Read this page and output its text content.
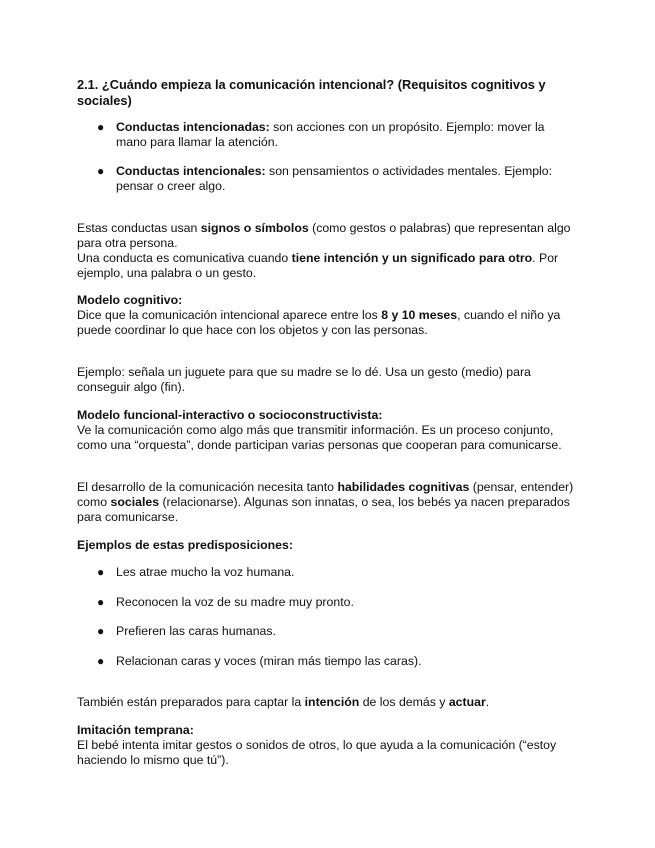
2.1. ¿Cuándo empieza la comunicación intencional? (Requisitos cognitivos y sociales)
● Conductas intencionadas: son acciones con un propósito. Ejemplo: mover la mano para llamar la atención.
● Conductas intencionales: son pensamientos o actividades mentales. Ejemplo: pensar o creer algo.

Estas conductas usan signos o símbolos (como gestos o palabras) que representan algo para otra persona.
Una conducta es comunicativa cuando tiene intención y un significado para otro. Por ejemplo, una palabra o un gesto.

Modelo cognitivo:
Dice que la comunicación intencional aparece entre los 8 y 10 meses, cuando el niño ya puede coordinar lo que hace con los objetos y con las personas.

Ejemplo: señala un juguete para que su madre se lo dé. Usa un gesto (medio) para conseguir algo (fin).

Modelo funcional-interactivo o socioconstructivista:
Ve la comunicación como algo más que transmitir información. Es un proceso conjunto, como una “orquesta”, donde participan varias personas que cooperan para comunicarse.

El desarrollo de la comunicación necesita tanto habilidades cognitivas (pensar, entender) como sociales (relacionarse). Algunas son innatas, o sea, los bebés ya nacen preparados para comunicarse.

Ejemplos de estas predisposiciones:

● Les atrae mucho la voz humana.
● Reconocen la voz de su madre muy pronto.
● Prefieren las caras humanas.
● Relacionan caras y voces (miran más tiempo las caras).

También están preparados para captar la intención de los demás y actuar.

Imitación temprana:
El bebé intenta imitar gestos o sonidos de otros, lo que ayuda a la comunicación (“estoy haciendo lo mismo que tú”).
